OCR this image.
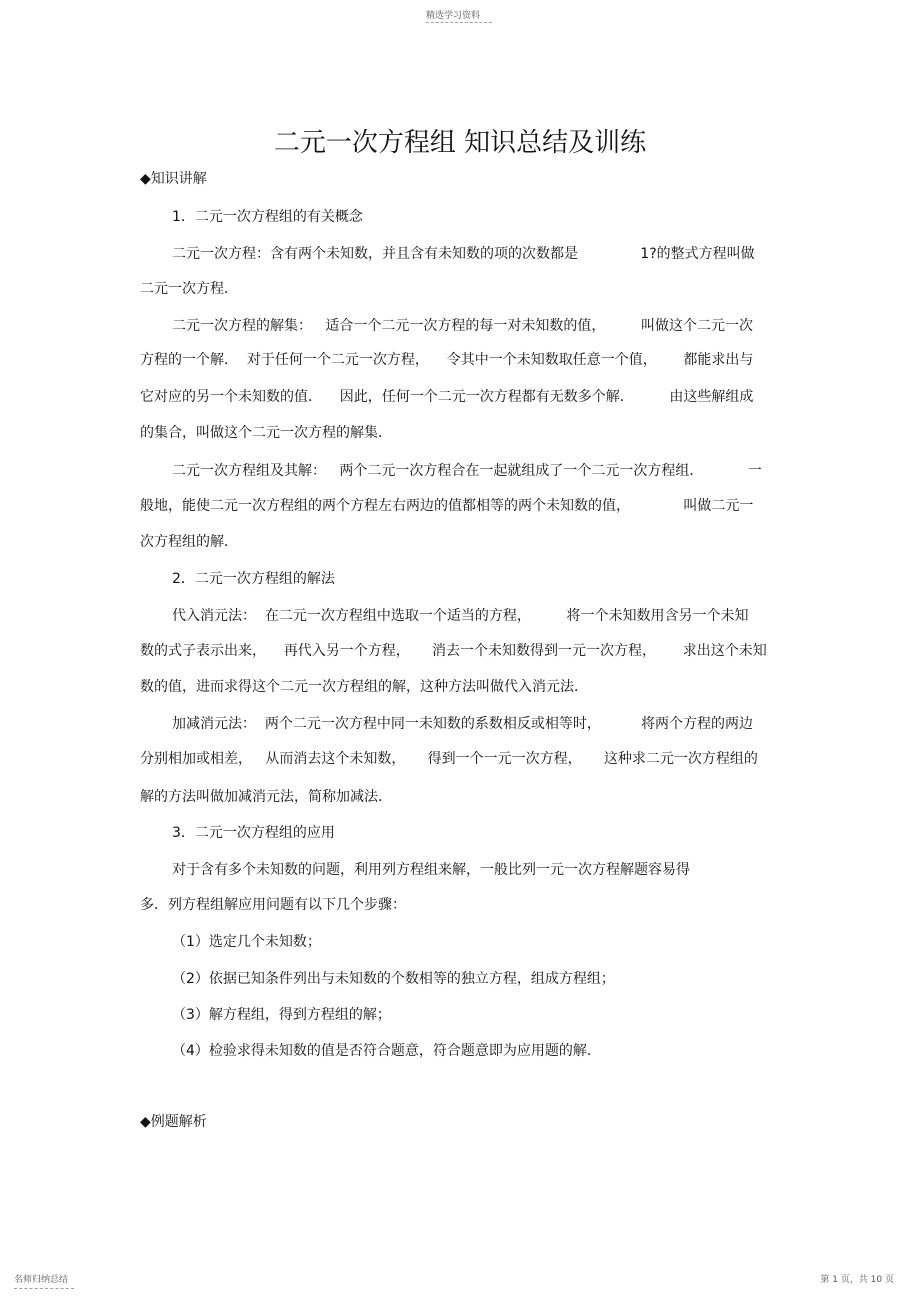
精选学习资料
二元一次方程组 知识总结及训练
◆知识讲解
1．二元一次方程组的有关概念
二元一次方程：含有两个未知数，并且含有未知数的项的次数都是              1?的整式方程叫做
二元一次方程．
二元一次方程的解集：   适合一个二元一次方程的每一对未知数的值，        叫做这个二元一次
方程的一个解．  对于任何一个二元一次方程，    令其中一个未知数取任意一个值，      都能求出与
它对应的另一个未知数的值．    因此，任何一个二元一次方程都有无数多个解．        由这些解组成
的集合，叫做这个二元一次方程的解集．
二元一次方程组及其解：   两个二元一次方程合在一起就组成了一个二元一次方程组．          一
般地，能使二元一次方程组的两个方程左右两边的值都相等的两个未知数的值，            叫做二元一
次方程组的解．
2．二元一次方程组的解法
代入消元法：  在二元一次方程组中选取一个适当的方程，        将一个未知数用含另一个未知
数的式子表示出来，    再代入另一个方程，     消去一个未知数得到一元一次方程，      求出这个未知
数的值，进而求得这个二元一次方程组的解，这种方法叫做代入消元法．
加减消元法：  两个二元一次方程中同一未知数的系数相反或相等时，         将两个方程的两边
分别相加或相差，   从而消去这个未知数，     得到一个一元一次方程，     这种求二元一次方程组的
解的方法叫做加减消元法，简称加减法．
3．二元一次方程组的应用
对于含有多个未知数的问题，利用列方程组来解，一般比列一元一次方程解题容易得
多．列方程组解应用问题有以下几个步骤：
（1）选定几个未知数；
（2）依据已知条件列出与未知数的个数相等的独立方程，组成方程组；
（3）解方程组，得到方程组的解；
（4）检验求得未知数的值是否符合题意，符合题意即为应用题的解．
◆例题解析
名师归纳总结	第 1 页，共 10 页
